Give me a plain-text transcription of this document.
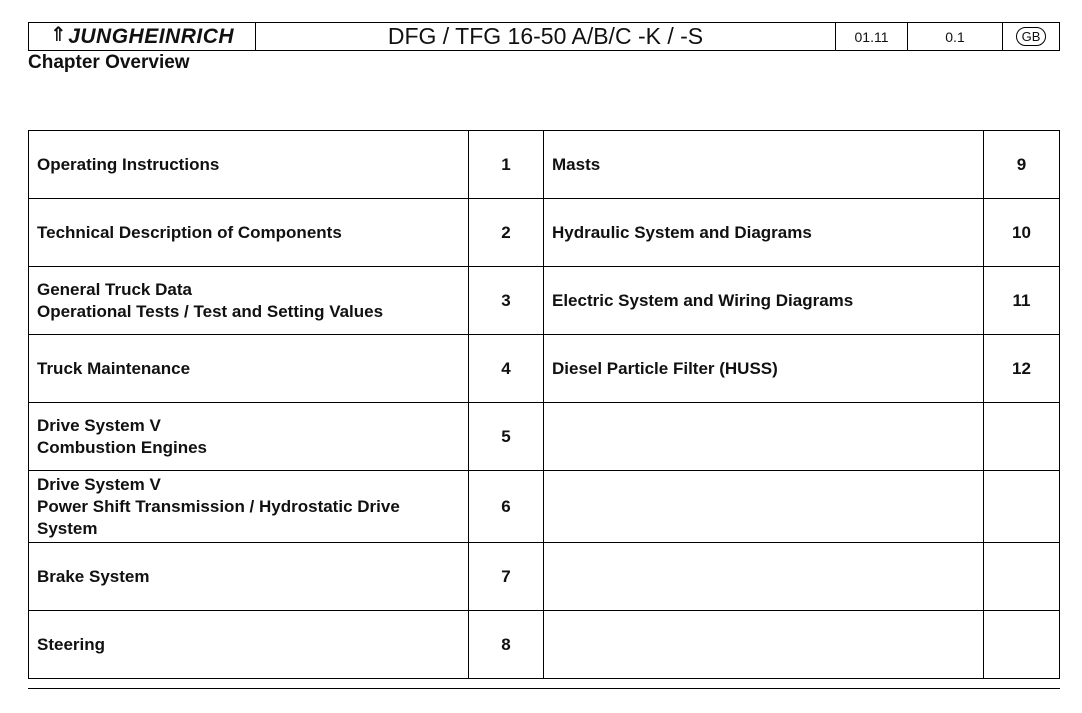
⇑ JUNGHEINRICH	DFG / TFG 16-50 A/B/C -K / -S	01.11	0.1	GB
Chapter Overview
Operating Instructions	1	Masts	9

Technical Description of Components	2	Hydraulic System and Diagrams	10

General Truck Data
Operational Tests / Test and Setting Values	3	Electric System and Wiring Diagrams	11

Truck Maintenance	4	Diesel Particle Filter (HUSS)	12

Drive System V
Combustion Engines	5	

Drive System V
Power Shift Transmission / Hydrostatic Drive
System	6	

Brake System	7	

Steering	8	
